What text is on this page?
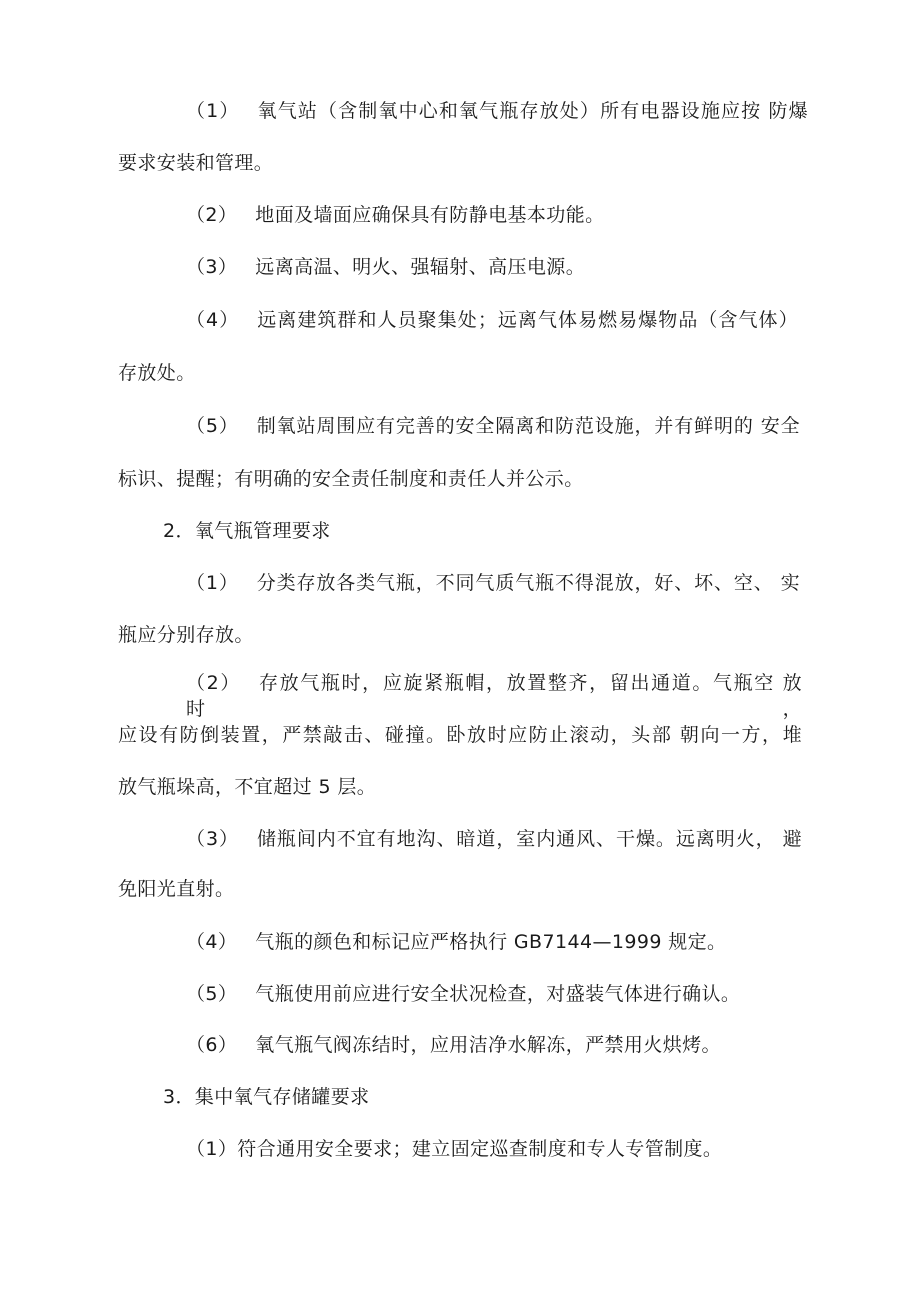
（1） 氧气站（含制氧中心和氧气瓶存放处）所有电器设施应按 防爆
要求安装和管理。
（2） 地面及墙面应确保具有防静电基本功能。
（3） 远离高温、明火、强辐射、高压电源。
（4） 远离建筑群和人员聚集处；远离气体易燃易爆物品（含气体）
存放处。
（5） 制氧站周围应有完善的安全隔离和防范设施，并有鲜明的 安全
标识、提醒；有明确的安全责任制度和责任人并公示。
2．氧气瓶管理要求
（1） 分类存放各类气瓶，不同气质气瓶不得混放，好、坏、空、 实
瓶应分别存放。
（2） 存放气瓶时，应旋紧瓶帽，放置整齐，留出通道。气瓶空 放时，
应设有防倒装置，严禁敲击、碰撞。卧放时应防止滚动，头部 朝向一方，堆
放气瓶垛高，不宜超过 5 层。
（3） 储瓶间内不宜有地沟、暗道，室内通风、干燥。远离明火， 避
免阳光直射。
（4） 气瓶的颜色和标记应严格执行 GB7144—1999 规定。
（5） 气瓶使用前应进行安全状况检查，对盛装气体进行确认。
（6） 氧气瓶气阀冻结时，应用洁净水解冻，严禁用火烘烤。
3．集中氧气存储罐要求
（1）符合通用安全要求；建立固定巡查制度和专人专管制度。
